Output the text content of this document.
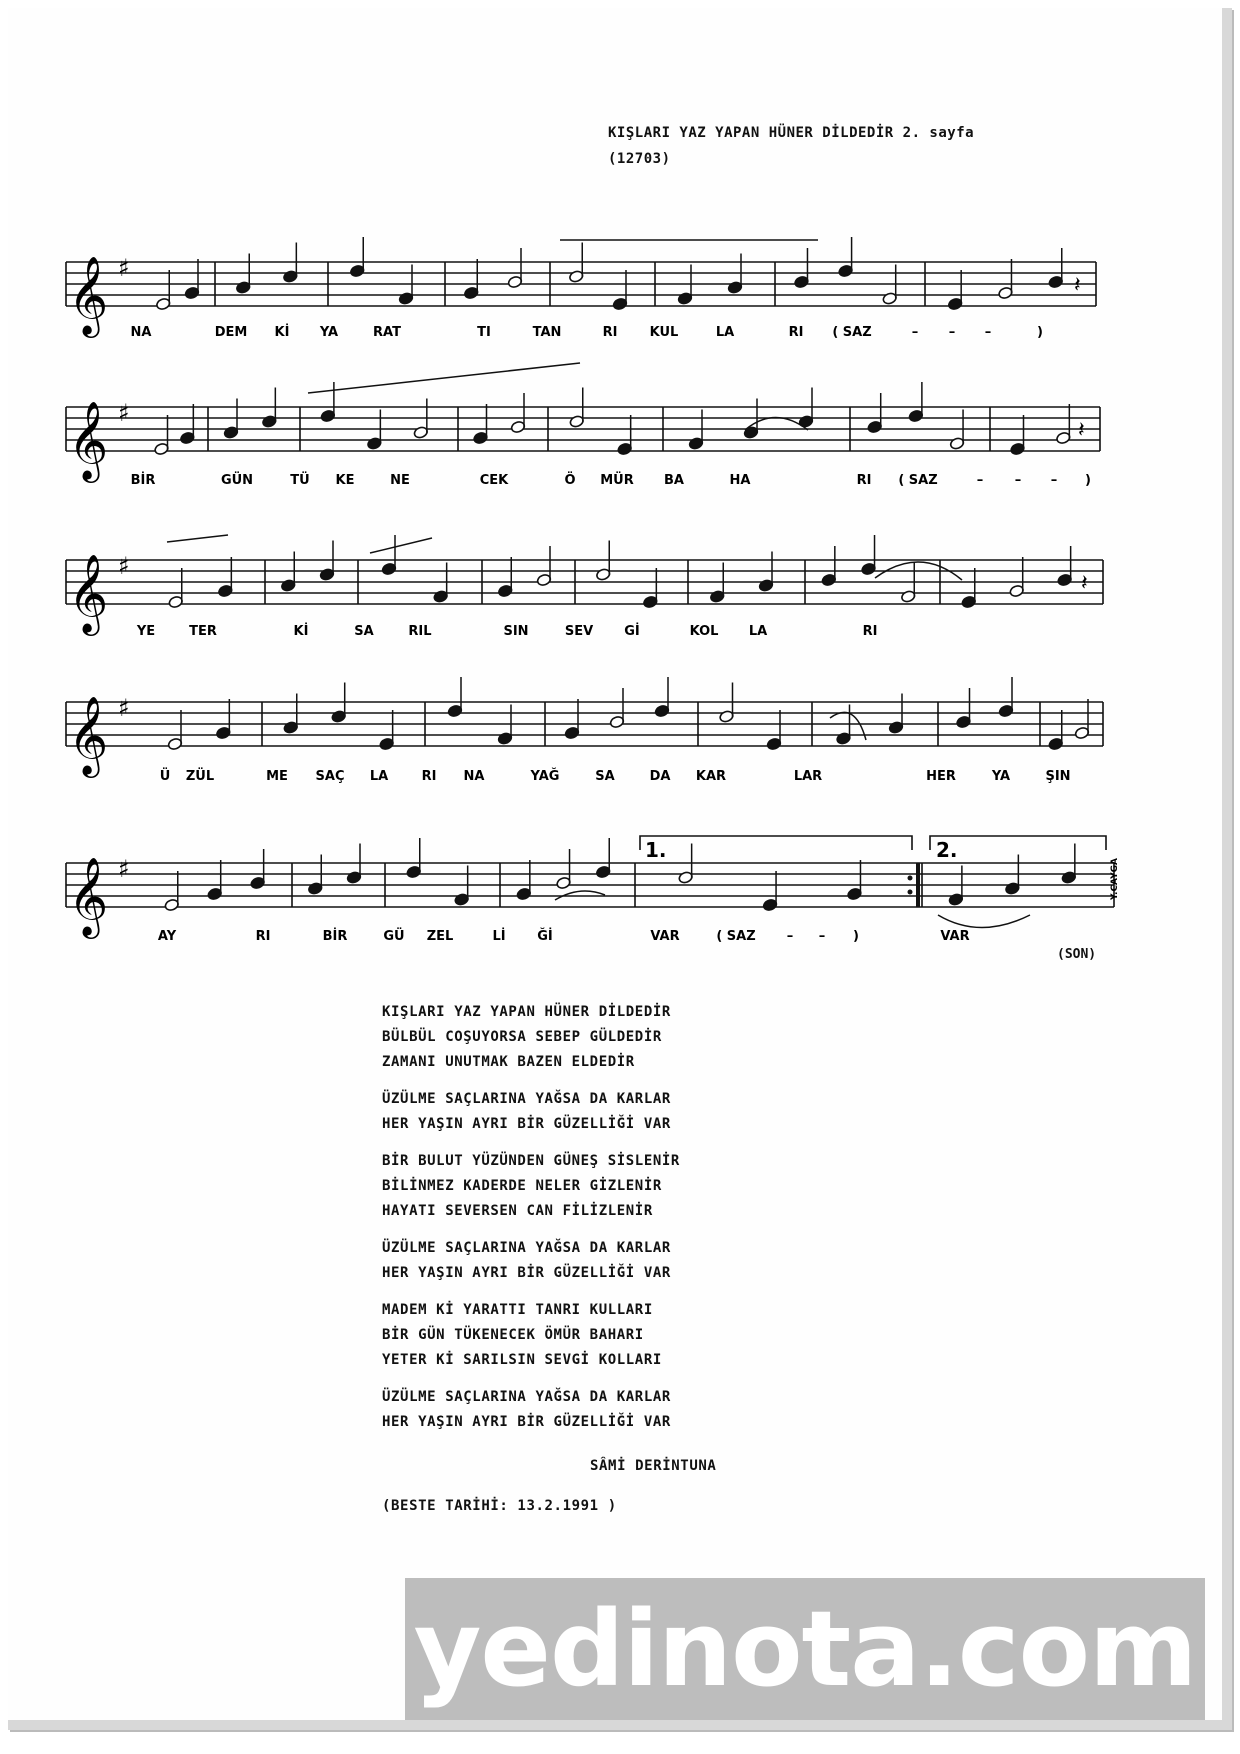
KIŞLARI YAZ YAPAN HÜNER DİLDEDİR 2. sayfa
(12703)
𝄞 ♯
𝄽
NA	DEM Kİ YA	RAT	TI	TAN	RI KUL	LA	RI ( SAZ	– – –	)
𝄞 ♯
𝄽
BİR	GÜN	TÜ KE	NE	CEK	Ö MÜR BA	HA	RI ( SAZ	– – – )
𝄞 ♯
𝄽
YE	TER	Kİ	SA	RIL	SIN	SEV Gİ	KOL LA	RI
𝄞 ♯
Ü ZÜL	ME SAÇ LA	RI NA	YAĞ	SA	DA KAR	LAR	HER	YA	ŞIN
𝄞 ♯
AY	RI	BİR	GÜ ZEL	Lİ Ğİ	VAR	( SAZ – – )	VAR
1.	2.
Y.CAYGA
(SON)
KIŞLARI YAZ YAPAN HÜNER DİLDEDİR
BÜLBÜL COŞUYORSA SEBEP GÜLDEDİR
ZAMANI UNUTMAK BAZEN ELDEDİR
ÜZÜLME SAÇLARINA YAĞSA DA KARLAR
HER YAŞIN AYRI BİR GÜZELLİĞİ VAR
BİR BULUT YÜZÜNDEN GÜNEŞ SİSLENİR
BİLİNMEZ KADERDE NELER GİZLENİR
HAYATI SEVERSEN CAN FİLİZLENİR
ÜZÜLME SAÇLARINA YAĞSA DA KARLAR
HER YAŞIN AYRI BİR GÜZELLİĞİ VAR
MADEM Kİ YARATTI TANRI KULLARI
BİR GÜN TÜKENECEK ÖMÜR BAHARI
YETER Kİ SARILSIN SEVGİ KOLLARI
ÜZÜLME SAÇLARINA YAĞSA DA KARLAR
HER YAŞIN AYRI BİR GÜZELLİĞİ VAR
SÂMİ DERİNTUNA
(BESTE TARİHİ: 13.2.1991 )
yedinota.com
